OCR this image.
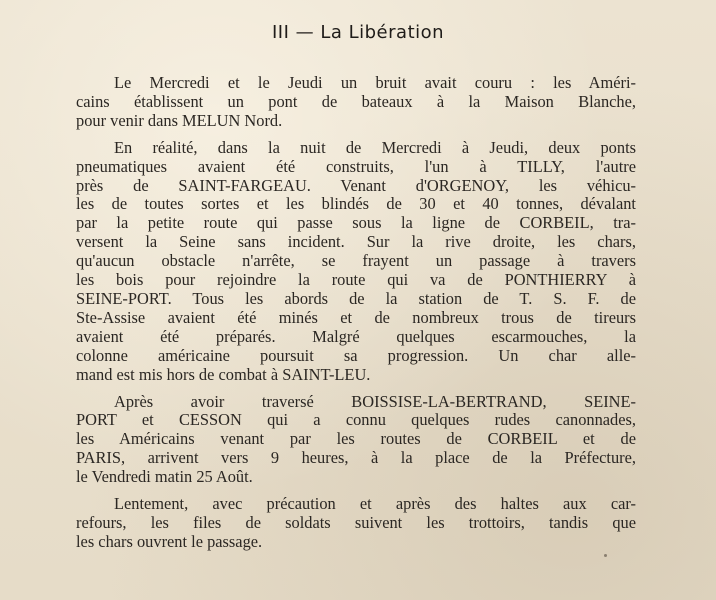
III — La Libération

Le Mercredi et le Jeudi un bruit avait couru : les Améri-
cains établissent un pont de bateaux à la Maison Blanche,
pour venir dans MELUN Nord.

En réalité, dans la nuit de Mercredi à Jeudi, deux ponts
pneumatiques avaient été construits, l'un à TILLY, l'autre
près de SAINT-FARGEAU. Venant d'ORGENOY, les véhicu-
les de toutes sortes et les blindés de 30 et 40 tonnes, dévalant
par la petite route qui passe sous la ligne de CORBEIL, tra-
versent la Seine sans incident. Sur la rive droite, les chars,
qu'aucun obstacle n'arrête, se frayent un passage à travers
les bois pour rejoindre la route qui va de PONTHIERRY à
SEINE-PORT. Tous les abords de la station de T. S. F. de
Ste-Assise avaient été minés et de nombreux trous de tireurs
avaient été préparés. Malgré quelques escarmouches, la
colonne américaine poursuit sa progression. Un char alle-
mand est mis hors de combat à SAINT-LEU.

Après avoir traversé BOISSISE-LA-BERTRAND, SEINE-
PORT et CESSON qui a connu quelques rudes canonnades,
les Américains venant par les routes de CORBEIL et de
PARIS, arrivent vers 9 heures, à la place de la Préfecture,
le Vendredi matin 25 Août.

Lentement, avec précaution et après des haltes aux car-
refours, les files de soldats suivent les trottoirs, tandis que
les chars ouvrent le passage.
